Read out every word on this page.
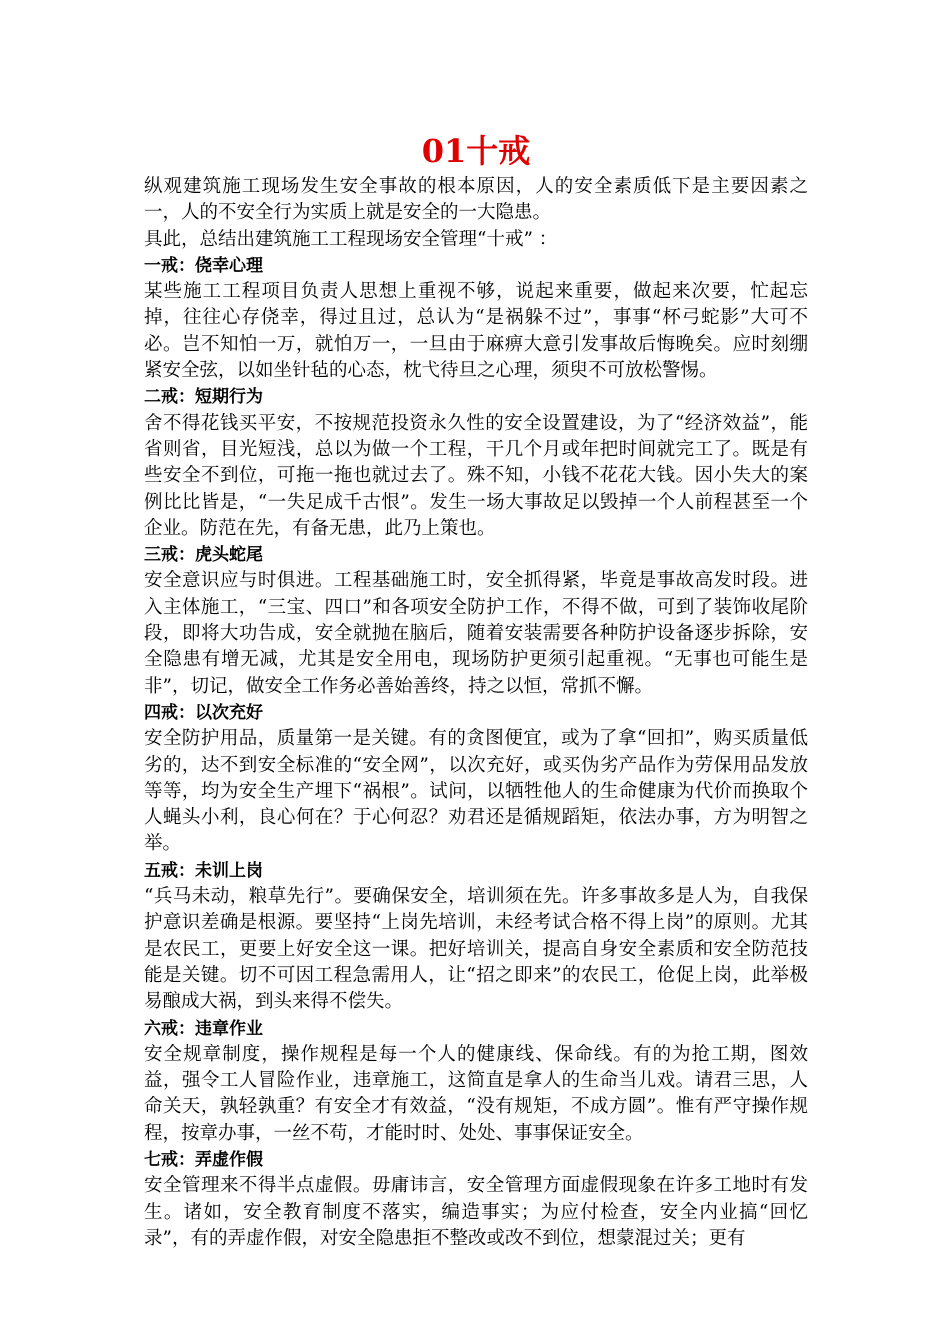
01十戒

纵观建筑施工现场发生安全事故的根本原因，人的安全素质低下是主要因素之一，人的不安全行为实质上就是安全的一大隐患。

具此，总结出建筑施工工程现场安全管理“十戒” ：

一戒：侥幸心理

某些施工工程项目负责人思想上重视不够，说起来重要，做起来次要，忙起忘掉，往往心存侥幸，得过且过，总认为“是祸躲不过”，事事“杯弓蛇影”大可不必。岂不知怕一万，就怕万一，一旦由于麻痹大意引发事故后悔晚矣。应时刻绷紧安全弦，以如坐针毡的心态，枕弋待旦之心理，须臾不可放松警惕。

二戒：短期行为

舍不得花钱买平安，不按规范投资永久性的安全设置建设，为了“经济效益”，能省则省，目光短浅，总以为做一个工程，干几个月或年把时间就完工了。既是有些安全不到位，可拖一拖也就过去了。殊不知，小钱不花花大钱。因小失大的案例比比皆是，“一失足成千古恨”。发生一场大事故足以毁掉一个人前程甚至一个企业。防范在先，有备无患，此乃上策也。

三戒：虎头蛇尾

安全意识应与时俱进。工程基础施工时，安全抓得紧，毕竟是事故高发时段。进入主体施工，“三宝、四口”和各项安全防护工作，不得不做，可到了装饰收尾阶段，即将大功告成，安全就抛在脑后，随着安装需要各种防护设备逐步拆除，安全隐患有增无减，尤其是安全用电，现场防护更须引起重视。“无事也可能生是非”，切记，做安全工作务必善始善终，持之以恒，常抓不懈。

四戒：以次充好

安全防护用品，质量第一是关键。有的贪图便宜，或为了拿“回扣”，购买质量低劣的，达不到安全标准的“安全网”，以次充好，或买伪劣产品作为劳保用品发放等等，均为安全生产埋下“祸根”。试问，以牺牲他人的生命健康为代价而换取个人蝇头小利，良心何在？于心何忍？劝君还是循规蹈矩，依法办事，方为明智之举。

五戒：未训上岗

“兵马未动，粮草先行”。要确保安全，培训须在先。许多事故多是人为，自我保护意识差确是根源。要坚持“上岗先培训，未经考试合格不得上岗”的原则。尤其是农民工，更要上好安全这一课。把好培训关，提高自身安全素质和安全防范技能是关键。切不可因工程急需用人，让“招之即来”的农民工，伧促上岗，此举极易酿成大祸，到头来得不偿失。

六戒：违章作业

安全规章制度，操作规程是每一个人的健康线、保命线。有的为抢工期，图效益，强令工人冒险作业，违章施工，这简直是拿人的生命当儿戏。请君三思，人命关天，孰轻孰重？有安全才有效益，“没有规矩，不成方圆”。惟有严守操作规程，按章办事，一丝不苟，才能时时、处处、事事保证安全。

七戒：弄虚作假

安全管理来不得半点虚假。毋庸讳言，安全管理方面虚假现象在许多工地时有发生。诸如，安全教育制度不落实，编造事实；为应付检查，安全内业搞“回忆录”，有的弄虚作假，对安全隐患拒不整改或改不到位，想蒙混过关；更有
